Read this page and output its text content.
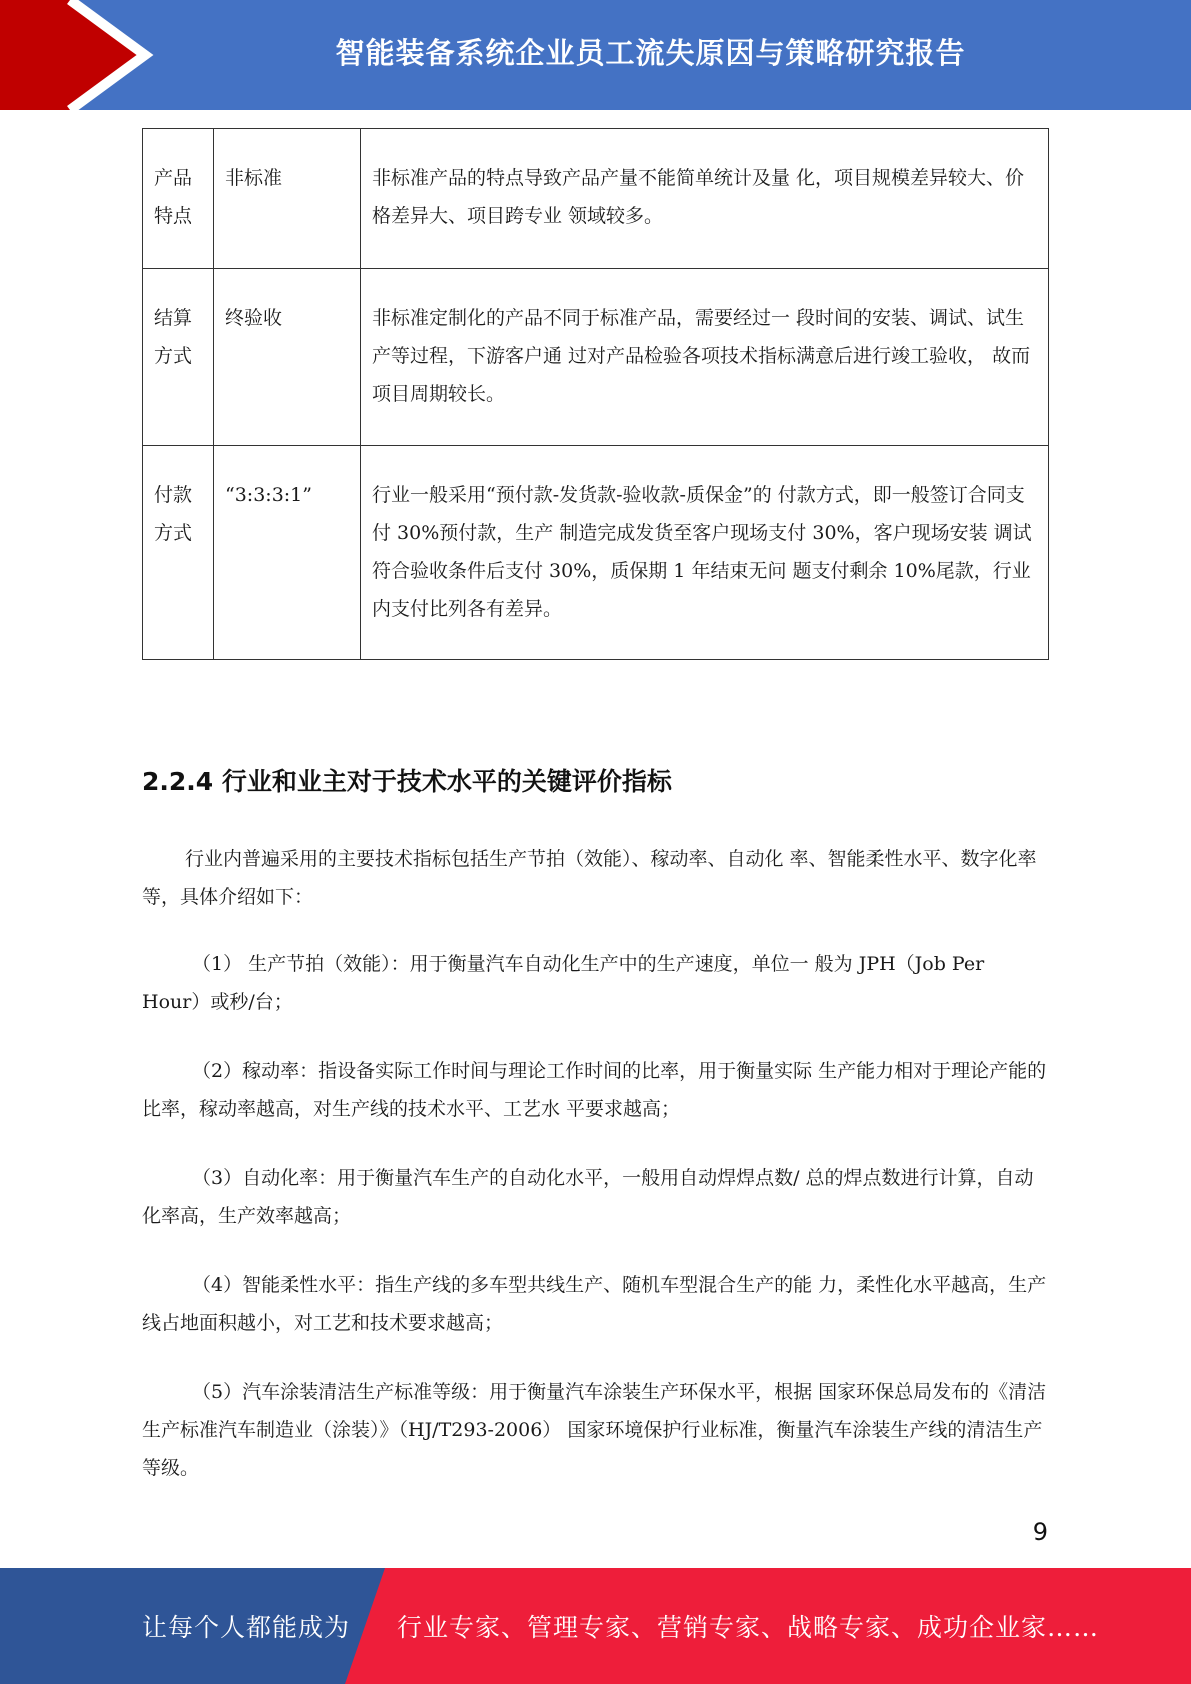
智能装备系统企业员工流失原因与策略研究报告
产品特点	非标准	非标准产品的特点导致产品产量不能简单统计及量 化，项目规模差异较大、价格差异大、项目跨专业 领域较多。

结算方式	终验收	非标准定制化的产品不同于标准产品，需要经过一 段时间的安装、调试、试生产等过程，下游客户通 过对产品检验各项技术指标满意后进行竣工验收， 故而项目周期较长。

付款方式	“3:3:3:1”	行业一般采用“预付款-发货款-验收款-质保金”的 付款方式，即一般签订合同支付 30%预付款，生产 制造完成发货至客户现场支付 30%，客户现场安装 调试符合验收条件后支付 30%，质保期 1 年结束无问 题支付剩余 10%尾款，行业内支付比列各有差异。
2.2.4 行业和业主对于技术水平的关键评价指标

行业内普遍采用的主要技术指标包括生产节拍（效能）、稼动率、自动化 率、智能柔性水平、数字化率等，具体介绍如下：

（1） 生产节拍（效能）：用于衡量汽车自动化生产中的生产速度，单位一 般为 JPH（Job Per Hour）或秒/台；

（2）稼动率：指设备实际工作时间与理论工作时间的比率，用于衡量实际 生产能力相对于理论产能的比率，稼动率越高，对生产线的技术水平、工艺水 平要求越高；

（3）自动化率：用于衡量汽车生产的自动化水平，一般用自动焊焊点数/ 总的焊点数进行计算，自动化率高，生产效率越高；

（4）智能柔性水平：指生产线的多车型共线生产、随机车型混合生产的能 力，柔性化水平越高，生产线占地面积越小，对工艺和技术要求越高；

（5）汽车涂装清洁生产标准等级：用于衡量汽车涂装生产环保水平，根据 国家环保总局发布的《清洁生产标准汽车制造业（涂装）》（HJ/T293-2006） 国家环境保护行业标准，衡量汽车涂装生产线的清洁生产等级。

9
让每个人都能成为 行业专家、管理专家、营销专家、战略专家、成功企业家……
